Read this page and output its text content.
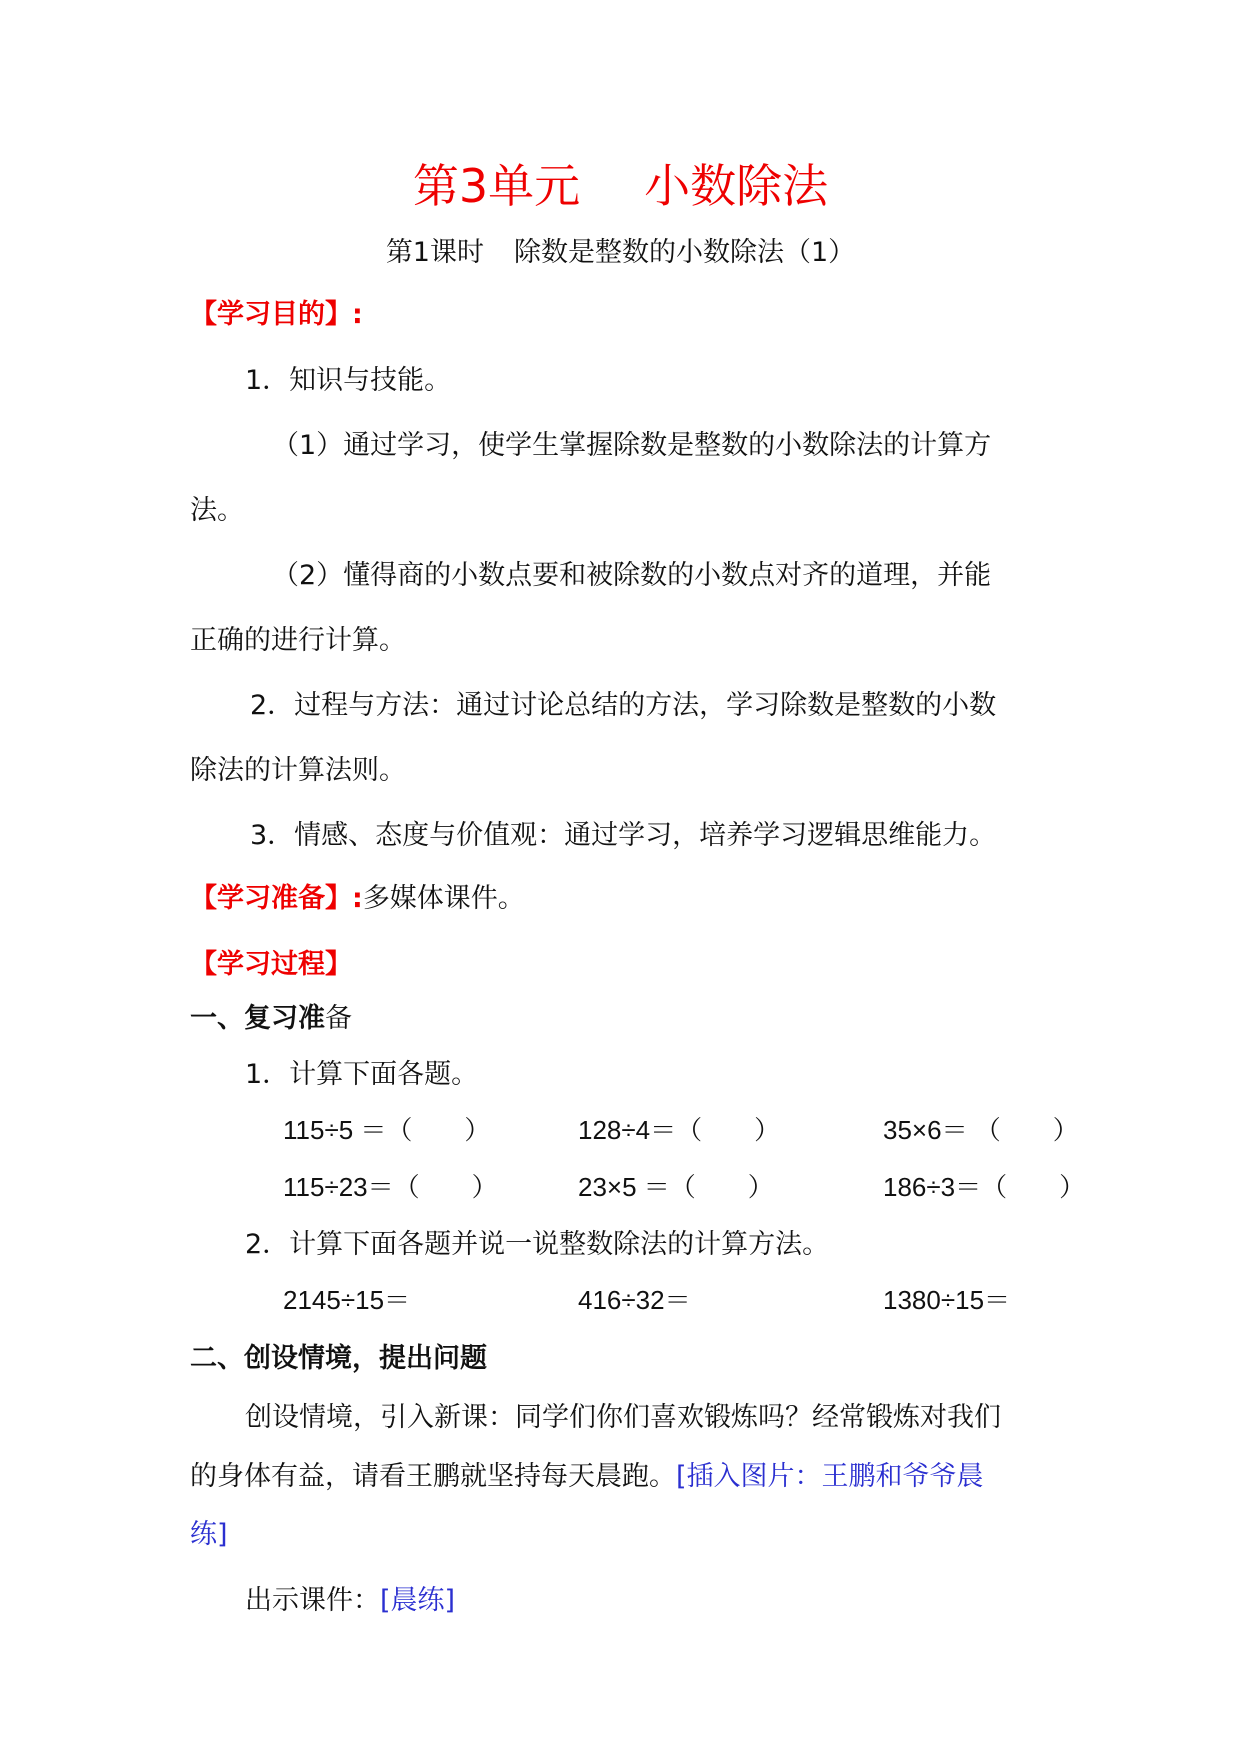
第3单元 小数除法
第1课时 除数是整数的小数除法（1）
【学习目的】:
1．知识与技能。
（1）通过学习，使学生掌握除数是整数的小数除法的计算方
法。
（2）懂得商的小数点要和被除数的小数点对齐的道理，并能
正确的进行计算。
2．过程与方法：通过讨论总结的方法，学习除数是整数的小数
除法的计算法则。
3．情感、态度与价值观：通过学习，培养学习逻辑思维能力。
【学习准备】:多媒体课件。
【学习过程】
一、复习准备
1．计算下面各题。
115÷5 ＝（　　）	128÷4＝（　　）	35×6＝ （　　）
115÷23＝（　　）	23×5 ＝（　　）	186÷3＝（　　）
2．计算下面各题并说一说整数除法的计算方法。
2145÷15＝	416÷32＝	1380÷15＝
二、创设情境，提出问题
创设情境，引入新课：同学们你们喜欢锻炼吗？经常锻炼对我们
的身体有益，请看王鹏就坚持每天晨跑。[插入图片：王鹏和爷爷晨
练]
出示课件：[晨练]
